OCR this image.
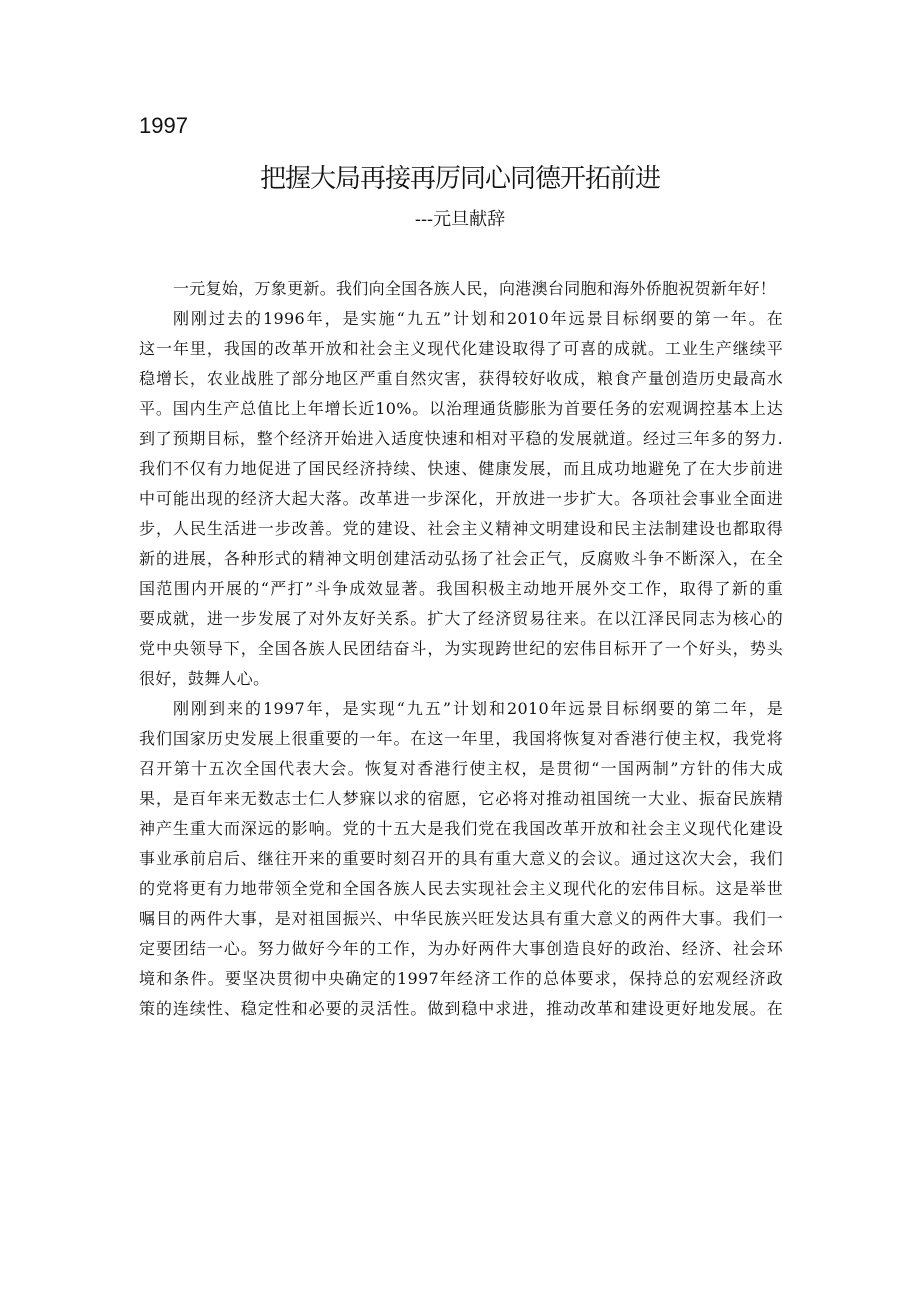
1997
把握大局再接再厉同心同德开拓前进
---元旦献辞
一元复始，万象更新。我们向全国各族人民，向港澳台同胞和海外侨胞祝贺新年好！
刚刚过去的1996年，是实施“九五”计划和2010年远景目标纲要的第一年。在
这一年里，我国的改革开放和社会主义现代化建设取得了可喜的成就。工业生产继续平
稳增长，农业战胜了部分地区严重自然灾害，获得较好收成，粮食产量创造历史最高水
平。国内生产总值比上年增长近10%。以治理通货膨胀为首要任务的宏观调控基本上达
到了预期目标，整个经济开始进入适度快速和相对平稳的发展就道。经过三年多的努力.
我们不仅有力地促进了国民经济持续、快速、健康发展，而且成功地避免了在大步前进
中可能出现的经济大起大落。改革进一步深化，开放进一步扩大。各项社会事业全面进
步，人民生活进一步改善。党的建设、社会主义精神文明建设和民主法制建设也都取得
新的进展，各种形式的精神文明创建活动弘扬了社会正气，反腐败斗争不断深入，在全
国范围内开展的“严打”斗争成效显著。我国积极主动地开展外交工作，取得了新的重
要成就，进一步发展了对外友好关系。扩大了经济贸易往来。在以江泽民同志为核心的
党中央领导下，全国各族人民团结奋斗，为实现跨世纪的宏伟目标开了一个好头，势头
很好，鼓舞人心。
刚刚到来的1997年，是实现“九五”计划和2010年远景目标纲要的第二年，是
我们国家历史发展上很重要的一年。在这一年里，我国将恢复对香港行使主权，我党将
召开第十五次全国代表大会。恢复对香港行使主权，是贯彻“一国两制”方针的伟大成
果，是百年来无数志士仁人梦寐以求的宿愿，它必将对推动祖国统一大业、振奋民族精
神产生重大而深远的影响。党的十五大是我们党在我国改革开放和社会主义现代化建设
事业承前启后、继往开来的重要时刻召开的具有重大意义的会议。通过这次大会，我们
的党将更有力地带领全党和全国各族人民去实现社会主义现代化的宏伟目标。这是举世
嘱目的两件大事，是对祖国振兴、中华民族兴旺发达具有重大意义的两件大事。我们一
定要团结一心。努力做好今年的工作，为办好两件大事创造良好的政治、经济、社会环
境和条件。要坚决贯彻中央确定的1997年经济工作的总体要求，保持总的宏观经济政
策的连续性、稳定性和必要的灵活性。做到稳中求进，推动改革和建设更好地发展。在
